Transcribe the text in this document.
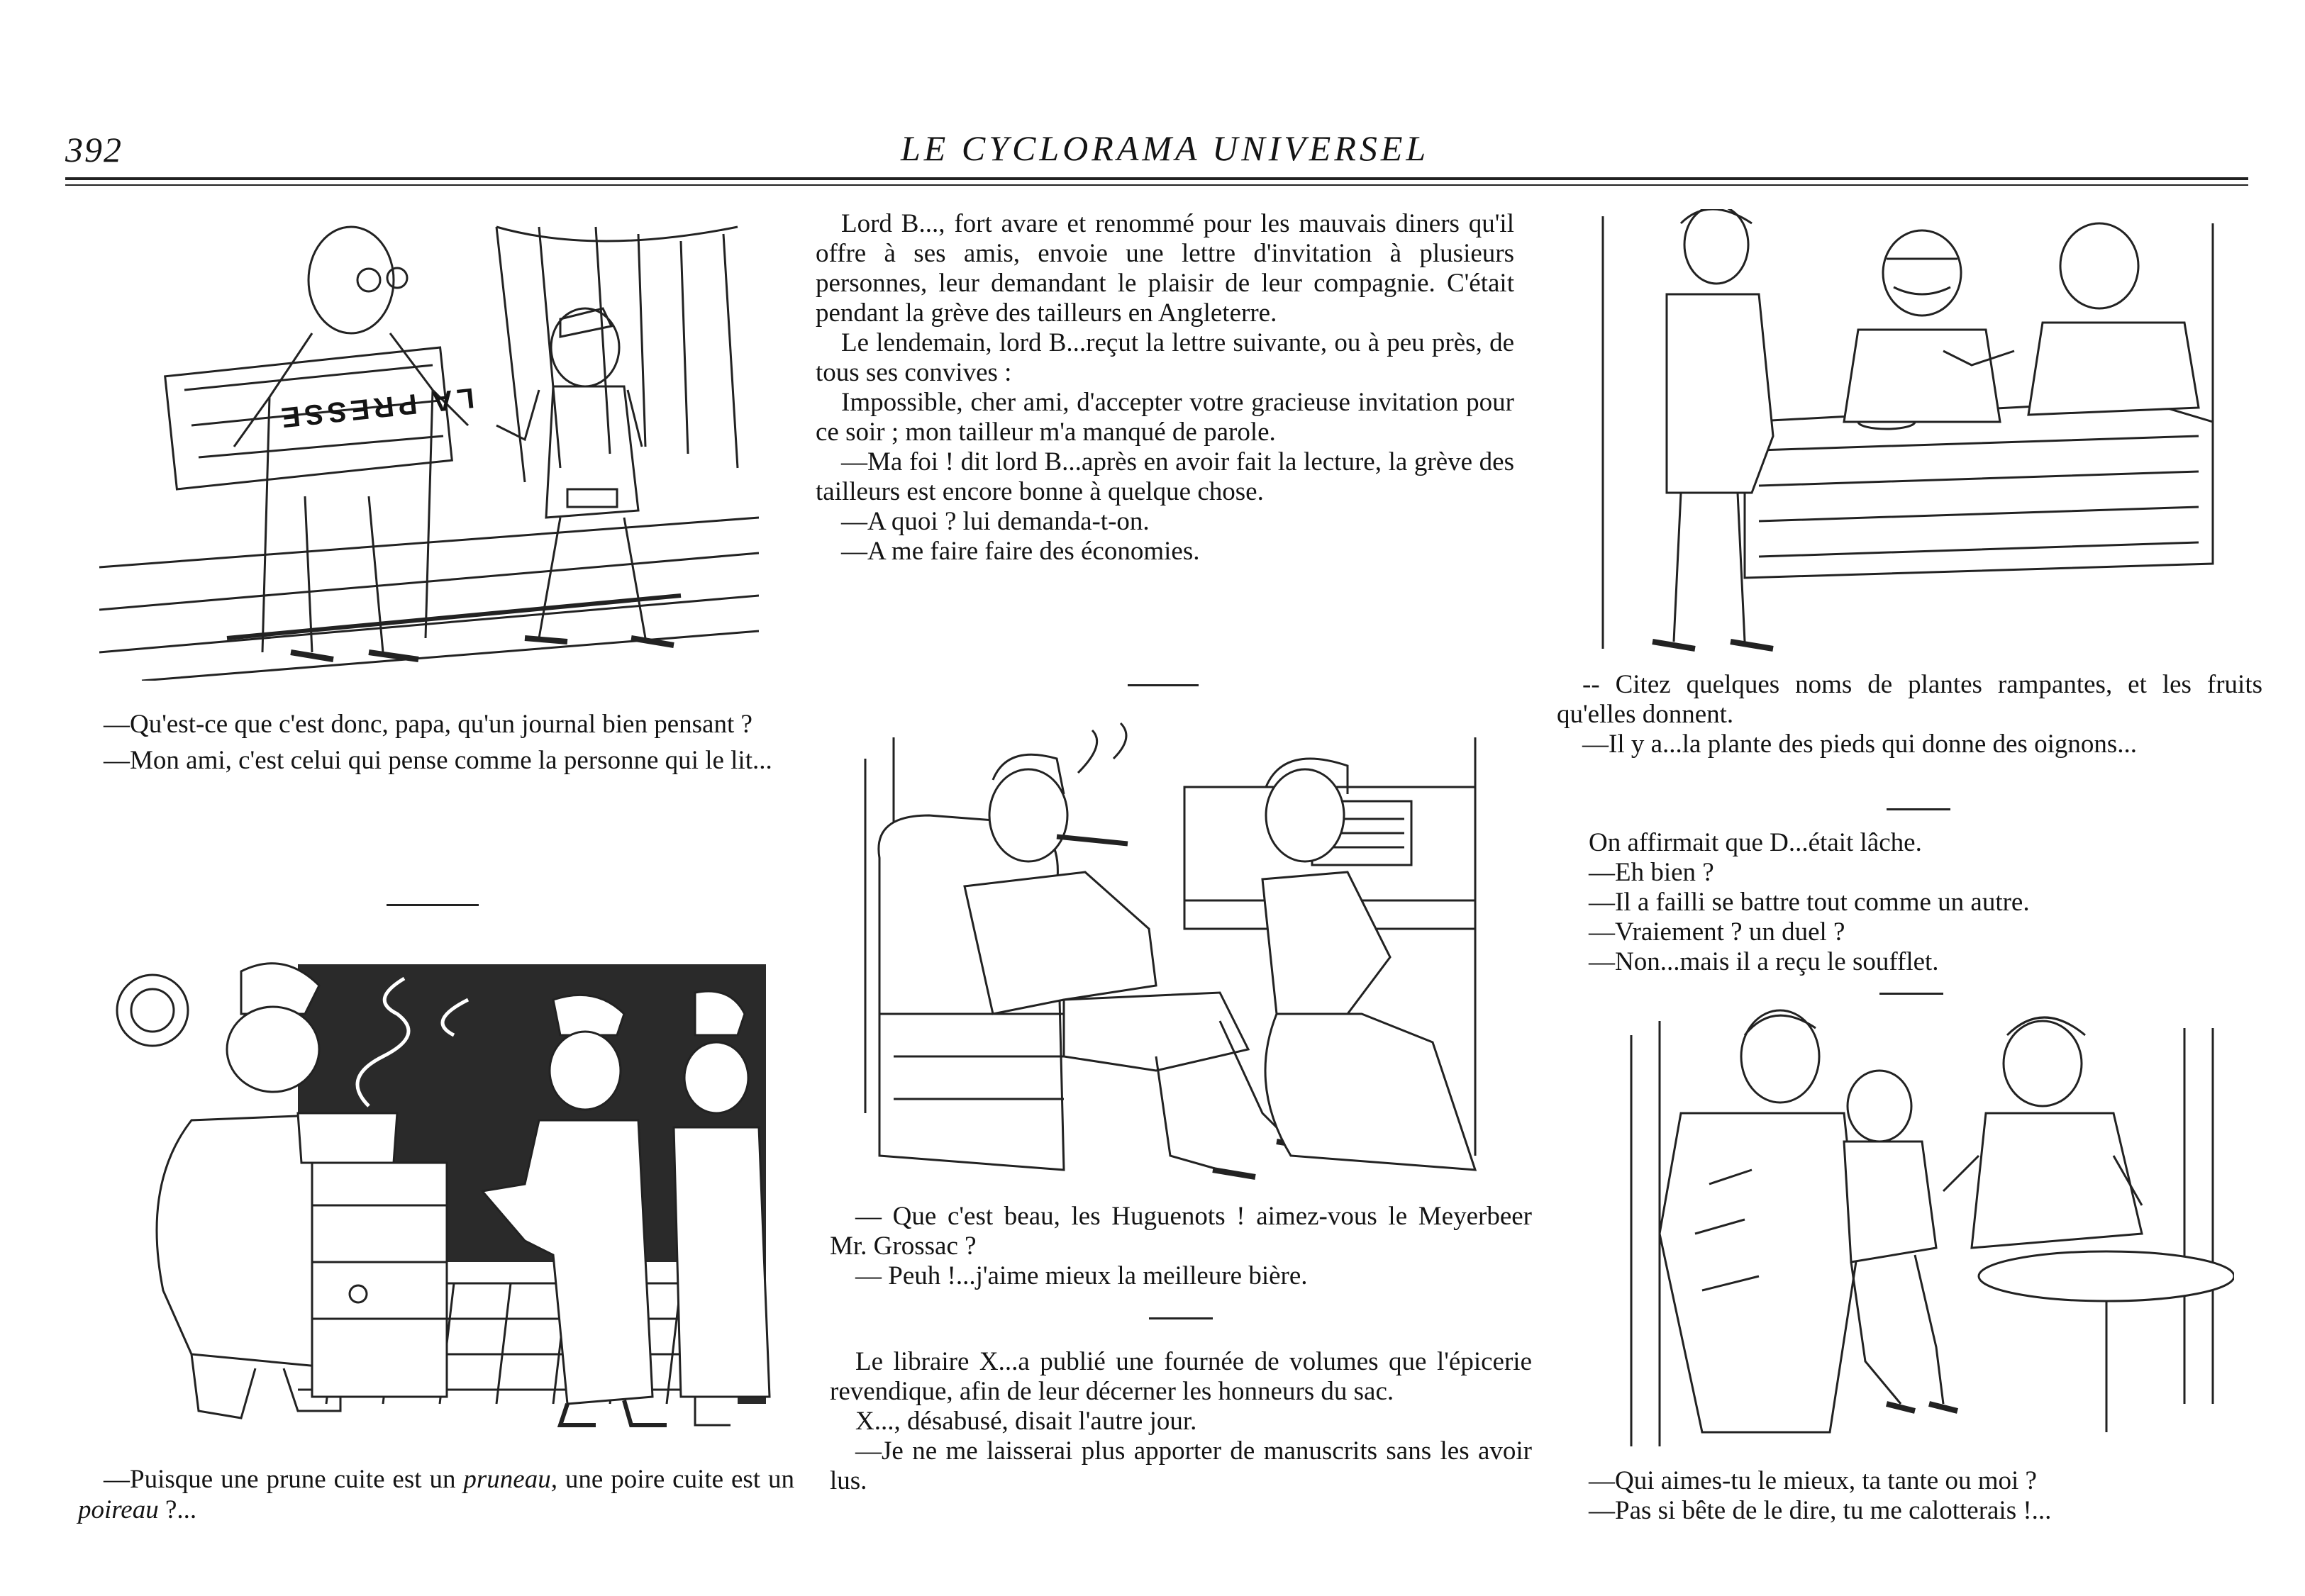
392	LE CYCLORAMA UNIVERSEL
LA PRESSE

—Qu'est-ce que c'est donc, papa, qu'un journal bien pensant ?

—Mon ami, c'est celui qui pense comme la personne qui le lit...

—Puisque une prune cuite est un pruneau, une poire cuite est un poireau ?...

Lord B..., fort avare et renommé pour les mauvais diners qu'il offre à ses amis, envoie une lettre d'invitation à plusieurs personnes, leur demandant le plaisir de leur compagnie. C'était pendant la grève des tailleurs en Angleterre.

Le lendemain, lord B...reçut la lettre suivante, ou à peu près, de tous ses convives :

Impossible, cher ami, d'accepter votre gracieuse invitation pour ce soir ; mon tailleur m'a manqué de parole.

—Ma foi ! dit lord B...après en avoir fait la lecture, la grève des tailleurs est encore bonne à quelque chose.

—A quoi ? lui demanda-t-on.

—A me faire faire des économies.

— Que c'est beau, les Huguenots ! aimez-vous le Meyerbeer Mr. Grossac ?

— Peuh !...j'aime mieux la meilleure bière.

Le libraire X...a publié une fournée de volumes que l'épicerie revendique, afin de leur décerner les honneurs du sac.

X..., désabusé, disait l'autre jour.

—Je ne me laisserai plus apporter de manuscrits sans les avoir lus.

-- Citez quelques noms de plantes rampantes, et les fruits qu'elles donnent.

—Il y a...la plante des pieds qui donne des oignons...

On affirmait que D...était lâche.

—Eh bien ?

—Il a failli se battre tout comme un autre.

—Vraiement ? un duel ?

—Non...mais il a reçu le soufflet.

—Qui aimes-tu le mieux, ta tante ou moi ?

—Pas si bête de le dire, tu me calotterais !...
